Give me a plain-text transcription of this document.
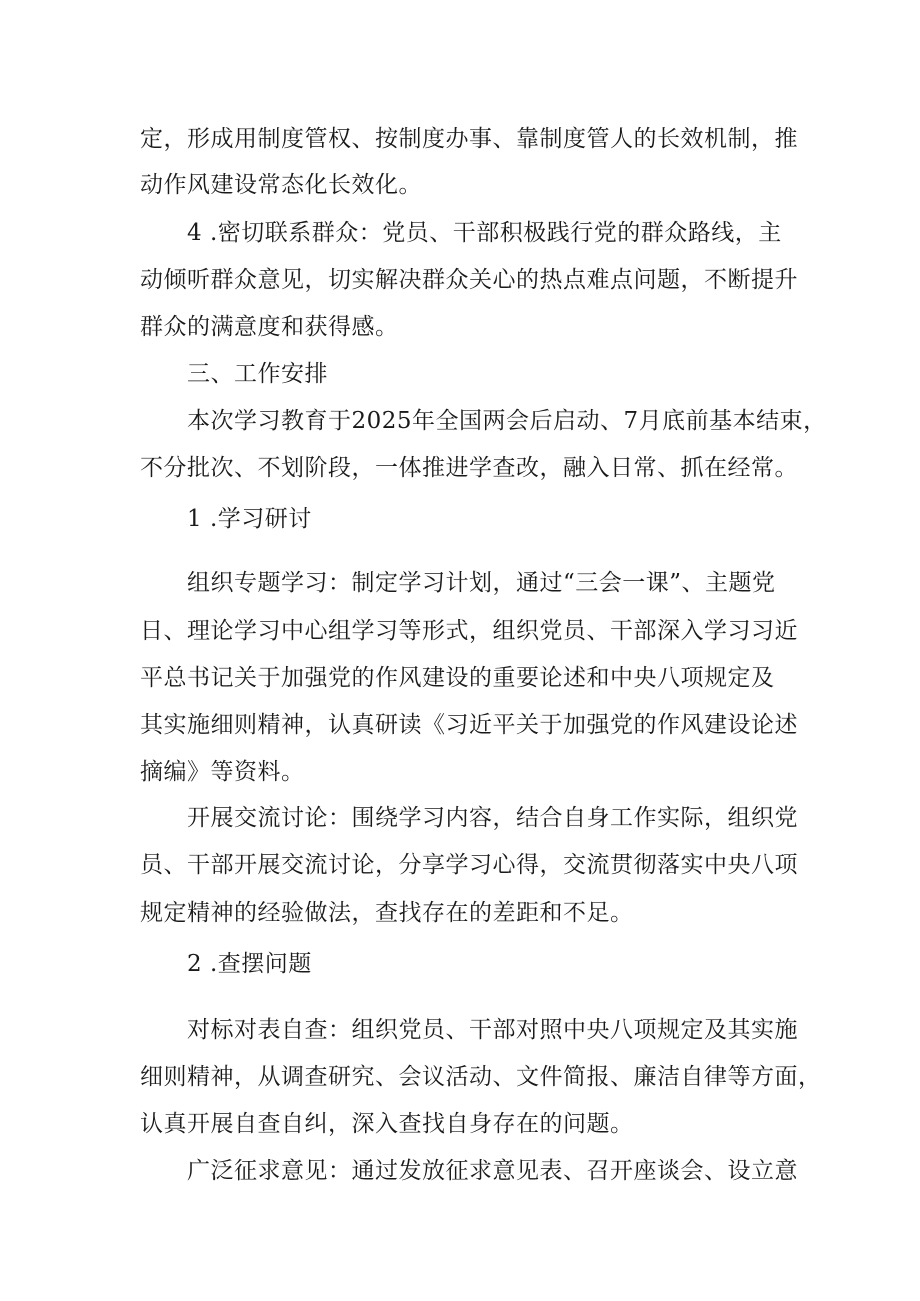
定，形成用制度管权、按制度办事、靠制度管人的长效机制，推
动作风建设常态化长效化。
4 .密切联系群众：党员、干部积极践行党的群众路线，主
动倾听群众意见，切实解决群众关心的热点难点问题，不断提升
群众的满意度和获得感。
三、工作安排
本次学习教育于2025年全国两会后启动、7月底前基本结束，
不分批次、不划阶段，一体推进学查改，融入日常、抓在经常。
1 .学习研讨
组织专题学习：制定学习计划，通过“三会一课”、主题党
日、理论学习中心组学习等形式，组织党员、干部深入学习习近
平总书记关于加强党的作风建设的重要论述和中央八项规定及
其实施细则精神，认真研读《习近平关于加强党的作风建设论述
摘编》等资料。
开展交流讨论：围绕学习内容，结合自身工作实际，组织党
员、干部开展交流讨论，分享学习心得，交流贯彻落实中央八项
规定精神的经验做法，查找存在的差距和不足。
2 .查摆问题
对标对表自查：组织党员、干部对照中央八项规定及其实施
细则精神，从调查研究、会议活动、文件简报、廉洁自律等方面，
认真开展自查自纠，深入查找自身存在的问题。
广泛征求意见：通过发放征求意见表、召开座谈会、设立意
